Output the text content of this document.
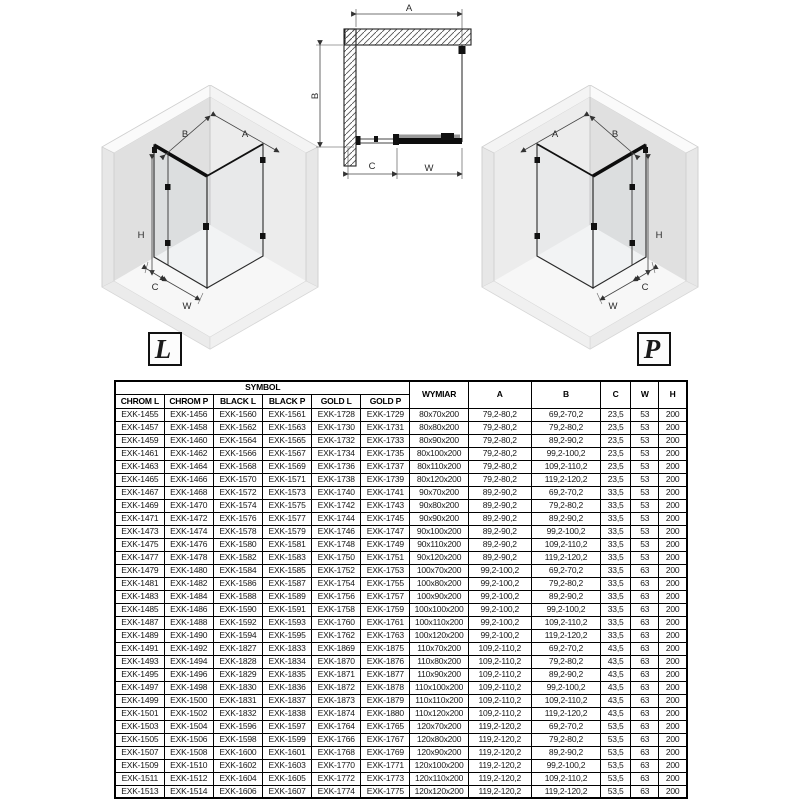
B	A
H
C
W
A
B
C	W
A	B
H
C
W
L	P
SYMBOL						WYMIAR	A	B	C	W	H
CHROM L	CHROM P	BLACK L	BLACK P	GOLD L	GOLD P						
EXK-1455	EXK-1456	EXK-1560	EXK-1561	EXK-1728	EXK-1729	80x70x200	79,2-80,2	69,2-70,2	23,5	53	200
EXK-1457	EXK-1458	EXK-1562	EXK-1563	EXK-1730	EXK-1731	80x80x200	79,2-80,2	79,2-80,2	23,5	53	200
EXK-1459	EXK-1460	EXK-1564	EXK-1565	EXK-1732	EXK-1733	80x90x200	79,2-80,2	89,2-90,2	23,5	53	200
EXK-1461	EXK-1462	EXK-1566	EXK-1567	EXK-1734	EXK-1735	80x100x200	79,2-80,2	99,2-100,2	23,5	53	200
EXK-1463	EXK-1464	EXK-1568	EXK-1569	EXK-1736	EXK-1737	80x110x200	79,2-80,2	109,2-110,2	23,5	53	200
EXK-1465	EXK-1466	EXK-1570	EXK-1571	EXK-1738	EXK-1739	80x120x200	79,2-80,2	119,2-120,2	23,5	53	200
EXK-1467	EXK-1468	EXK-1572	EXK-1573	EXK-1740	EXK-1741	90x70x200	89,2-90,2	69,2-70,2	33,5	53	200
EXK-1469	EXK-1470	EXK-1574	EXK-1575	EXK-1742	EXK-1743	90x80x200	89,2-90,2	79,2-80,2	33,5	53	200
EXK-1471	EXK-1472	EXK-1576	EXK-1577	EXK-1744	EXK-1745	90x90x200	89,2-90,2	89,2-90,2	33,5	53	200
EXK-1473	EXK-1474	EXK-1578	EXK-1579	EXK-1746	EXK-1747	90x100x200	89,2-90,2	99,2-100,2	33,5	53	200
EXK-1475	EXK-1476	EXK-1580	EXK-1581	EXK-1748	EXK-1749	90x110x200	89,2-90,2	109,2-110,2	33,5	53	200
EXK-1477	EXK-1478	EXK-1582	EXK-1583	EXK-1750	EXK-1751	90x120x200	89,2-90,2	119,2-120,2	33,5	53	200
EXK-1479	EXK-1480	EXK-1584	EXK-1585	EXK-1752	EXK-1753	100x70x200	99,2-100,2	69,2-70,2	33,5	63	200
EXK-1481	EXK-1482	EXK-1586	EXK-1587	EXK-1754	EXK-1755	100x80x200	99,2-100,2	79,2-80,2	33,5	63	200
EXK-1483	EXK-1484	EXK-1588	EXK-1589	EXK-1756	EXK-1757	100x90x200	99,2-100,2	89,2-90,2	33,5	63	200
EXK-1485	EXK-1486	EXK-1590	EXK-1591	EXK-1758	EXK-1759	100x100x200	99,2-100,2	99,2-100,2	33,5	63	200
EXK-1487	EXK-1488	EXK-1592	EXK-1593	EXK-1760	EXK-1761	100x110x200	99,2-100,2	109,2-110,2	33,5	63	200
EXK-1489	EXK-1490	EXK-1594	EXK-1595	EXK-1762	EXK-1763	100x120x200	99,2-100,2	119,2-120,2	33,5	63	200
EXK-1491	EXK-1492	EXK-1827	EXK-1833	EXK-1869	EXK-1875	110x70x200	109,2-110,2	69,2-70,2	43,5	63	200
EXK-1493	EXK-1494	EXK-1828	EXK-1834	EXK-1870	EXK-1876	110x80x200	109,2-110,2	79,2-80,2	43,5	63	200
EXK-1495	EXK-1496	EXK-1829	EXK-1835	EXK-1871	EXK-1877	110x90x200	109,2-110,2	89,2-90,2	43,5	63	200
EXK-1497	EXK-1498	EXK-1830	EXK-1836	EXK-1872	EXK-1878	110x100x200	109,2-110,2	99,2-100,2	43,5	63	200
EXK-1499	EXK-1500	EXK-1831	EXK-1837	EXK-1873	EXK-1879	110x110x200	109,2-110,2	109,2-110,2	43,5	63	200
EXK-1501	EXK-1502	EXK-1832	EXK-1838	EXK-1874	EXK-1880	110x120x200	109,2-110,2	119,2-120,2	43,5	63	200
EXK-1503	EXK-1504	EXK-1596	EXK-1597	EXK-1764	EXK-1765	120x70x200	119,2-120,2	69,2-70,2	53,5	63	200
EXK-1505	EXK-1506	EXK-1598	EXK-1599	EXK-1766	EXK-1767	120x80x200	119,2-120,2	79,2-80,2	53,5	63	200
EXK-1507	EXK-1508	EXK-1600	EXK-1601	EXK-1768	EXK-1769	120x90x200	119,2-120,2	89,2-90,2	53,5	63	200
EXK-1509	EXK-1510	EXK-1602	EXK-1603	EXK-1770	EXK-1771	120x100x200	119,2-120,2	99,2-100,2	53,5	63	200
EXK-1511	EXK-1512	EXK-1604	EXK-1605	EXK-1772	EXK-1773	120x110x200	119,2-120,2	109,2-110,2	53,5	63	200
EXK-1513	EXK-1514	EXK-1606	EXK-1607	EXK-1774	EXK-1775	120x120x200	119,2-120,2	119,2-120,2	53,5	63	200
